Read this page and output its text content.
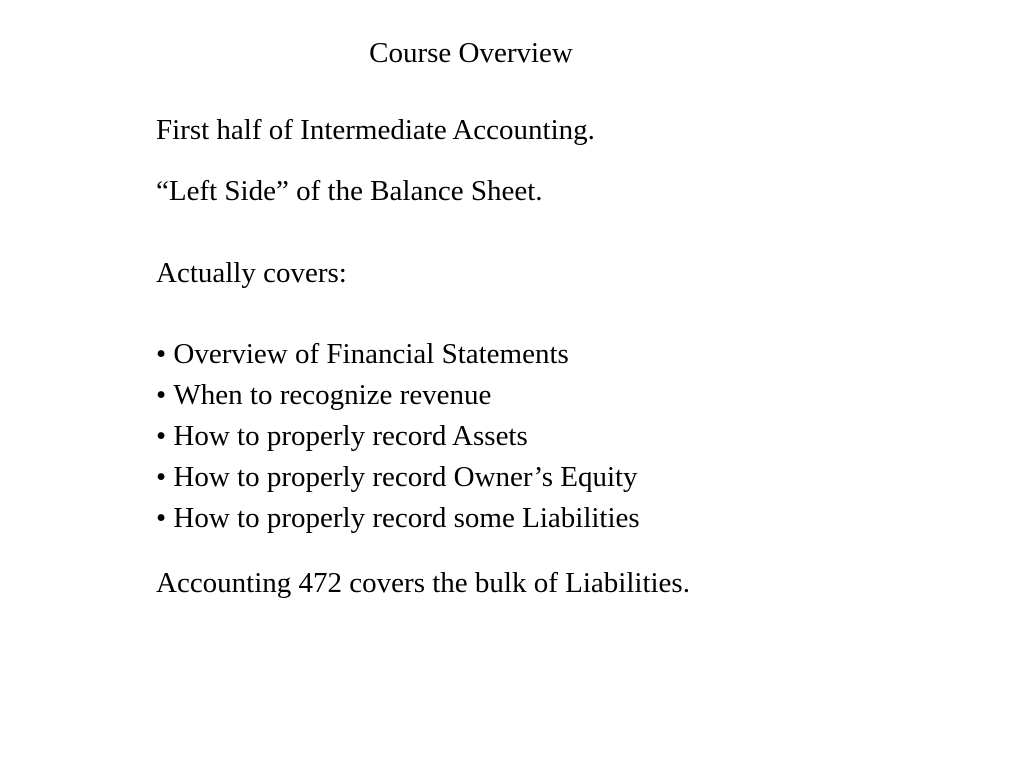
Course Overview
First half of Intermediate Accounting.
“Left Side” of the Balance Sheet.
Actually covers:
• Overview of Financial Statements
• When to recognize revenue
• How to properly record Assets
• How to properly record Owner’s Equity
• How to properly record some Liabilities
Accounting 472 covers the bulk of Liabilities.
